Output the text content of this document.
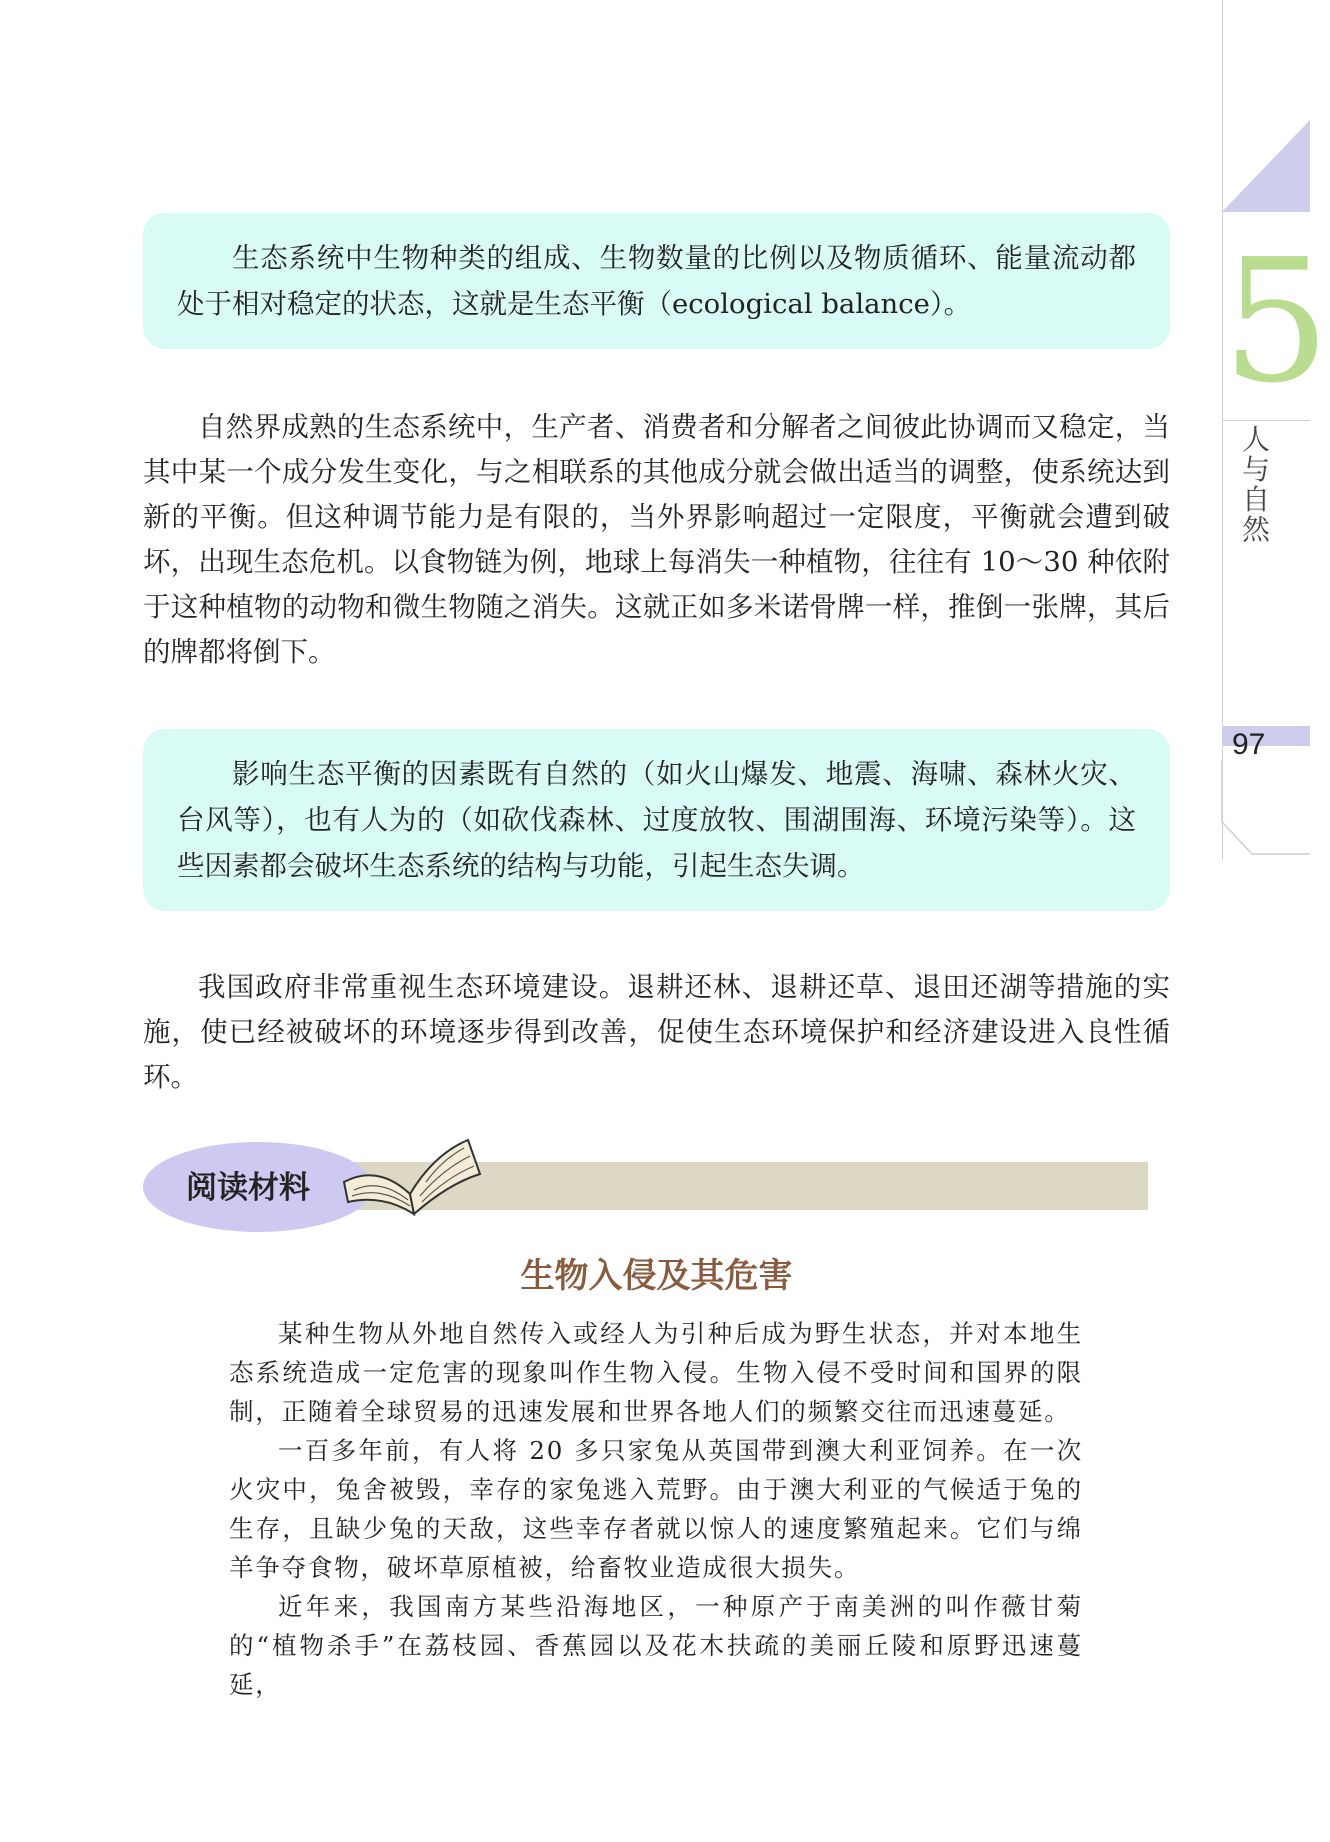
5
人
与
自
然
97

生态系统中生物种类的组成、生物数量的比例以及物质循环、能量流动都处于相对稳定的状态，这就是生态平衡（ecological balance）。

自然界成熟的生态系统中，生产者、消费者和分解者之间彼此协调而又稳定，当其中某一个成分发生变化，与之相联系的其他成分就会做出适当的调整，使系统达到新的平衡。但这种调节能力是有限的，当外界影响超过一定限度，平衡就会遭到破坏，出现生态危机。以食物链为例，地球上每消失一种植物，往往有 10～30 种依附于这种植物的动物和微生物随之消失。这就正如多米诺骨牌一样，推倒一张牌，其后的牌都将倒下。

影响生态平衡的因素既有自然的（如火山爆发、地震、海啸、森林火灾、台风等），也有人为的（如砍伐森林、过度放牧、围湖围海、环境污染等）。这些因素都会破坏生态系统的结构与功能，引起生态失调。

我国政府非常重视生态环境建设。退耕还林、退耕还草、退田还湖等措施的实施，使已经被破坏的环境逐步得到改善，促使生态环境保护和经济建设进入良性循环。

阅读材料
生物入侵及其危害

某种生物从外地自然传入或经人为引种后成为野生状态，并对本地生态系统造成一定危害的现象叫作生物入侵。生物入侵不受时间和国界的限制，正随着全球贸易的迅速发展和世界各地人们的频繁交往而迅速蔓延。

一百多年前，有人将 20 多只家兔从英国带到澳大利亚饲养。在一次火灾中，兔舍被毁，幸存的家兔逃入荒野。由于澳大利亚的气候适于兔的生存，且缺少兔的天敌，这些幸存者就以惊人的速度繁殖起来。它们与绵羊争夺食物，破坏草原植被，给畜牧业造成很大损失。

近年来，我国南方某些沿海地区，一种原产于南美洲的叫作薇甘菊的“植物杀手”在荔枝园、香蕉园以及花木扶疏的美丽丘陵和原野迅速蔓延，
